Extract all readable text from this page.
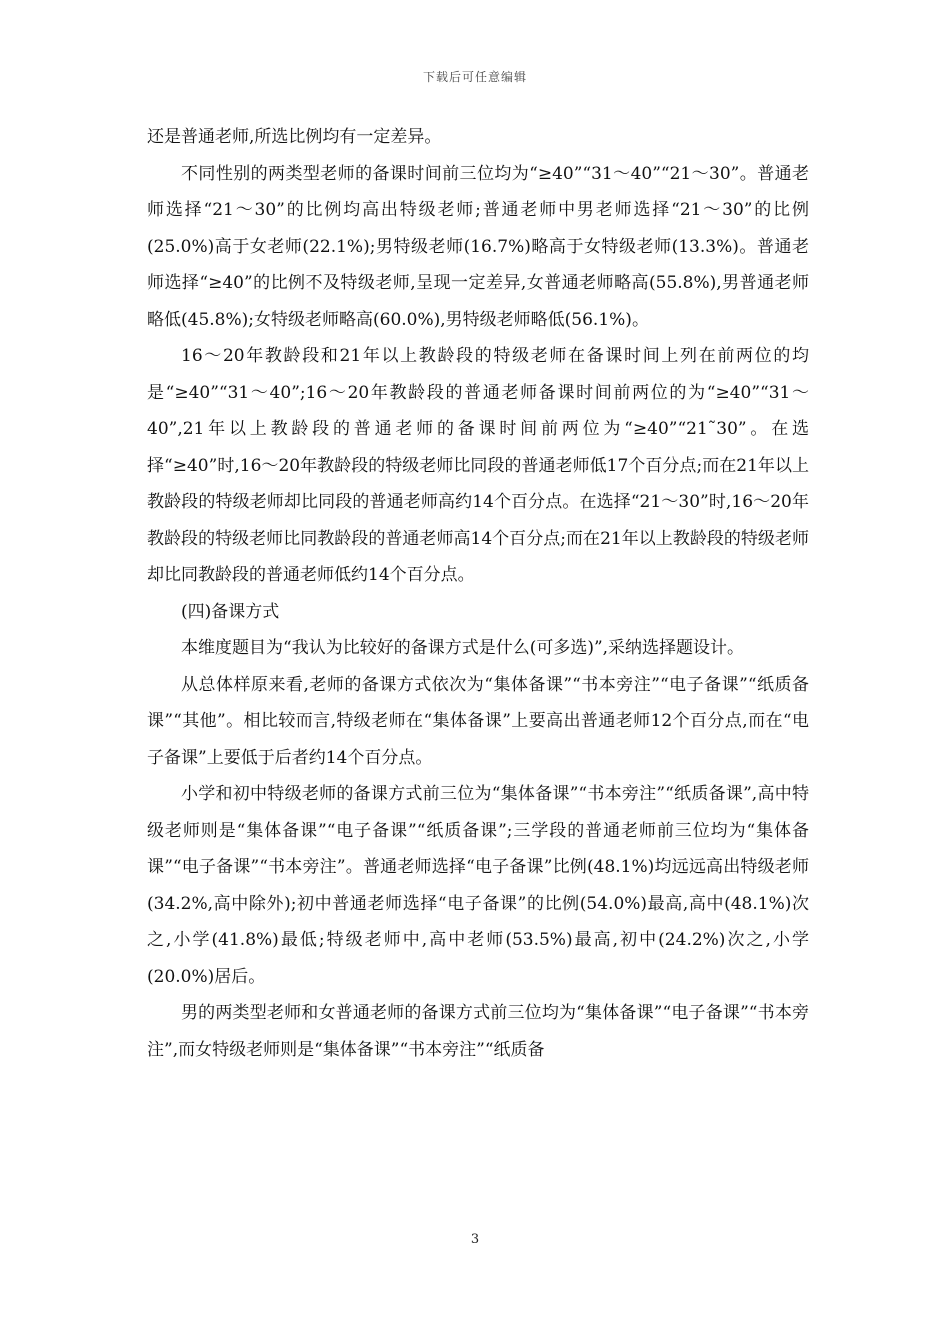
下载后可任意编辑

还是普通老师,所选比例均有一定差异。

不同性别的两类型老师的备课时间前三位均为“≥40”“31～40”“21～30”。普通老师选择“21～30”的比例均高出特级老师;普通老师中男老师选择“21～30”的比例(25.0%)高于女老师(22.1%);男特级老师(16.7%)略高于女特级老师(13.3%)。普通老师选择“≥40”的比例不及特级老师,呈现一定差异,女普通老师略高(55.8%),男普通老师略低(45.8%);女特级老师略高(60.0%),男特级老师略低(56.1%)。

16～20年教龄段和21年以上教龄段的特级老师在备课时间上列在前两位的均是“≥40”“31～40”;16～20年教龄段的普通老师备课时间前两位的为“≥40”“31～40”,21年以上教龄段的普通老师的备课时间前两位为“≥40”“21˜30”。在选择“≥40”时,16～20年教龄段的特级老师比同段的普通老师低17个百分点;而在21年以上教龄段的特级老师却比同段的普通老师高约14个百分点。在选择“21～30”时,16～20年教龄段的特级老师比同教龄段的普通老师高14个百分点;而在21年以上教龄段的特级老师却比同教龄段的普通老师低约14个百分点。

(四)备课方式

本维度题目为“我认为比较好的备课方式是什么(可多选)”,采纳选择题设计。

从总体样原来看,老师的备课方式依次为“集体备课”“书本旁注”“电子备课”“纸质备课”“其他”。相比较而言,特级老师在“集体备课”上要高出普通老师12个百分点,而在“电子备课”上要低于后者约14个百分点。

小学和初中特级老师的备课方式前三位为“集体备课”“书本旁注”“纸质备课”,高中特级老师则是“集体备课”“电子备课”“纸质备课”;三学段的普通老师前三位均为“集体备课”“电子备课”“书本旁注”。普通老师选择“电子备课”比例(48.1%)均远远高出特级老师(34.2%,高中除外);初中普通老师选择“电子备课”的比例(54.0%)最高,高中(48.1%)次之,小学(41.8%)最低;特级老师中,高中老师(53.5%)最高,初中(24.2%)次之,小学(20.0%)居后。

男的两类型老师和女普通老师的备课方式前三位均为“集体备课”“电子备课”“书本旁注”,而女特级老师则是“集体备课”“书本旁注”“纸质备

3
